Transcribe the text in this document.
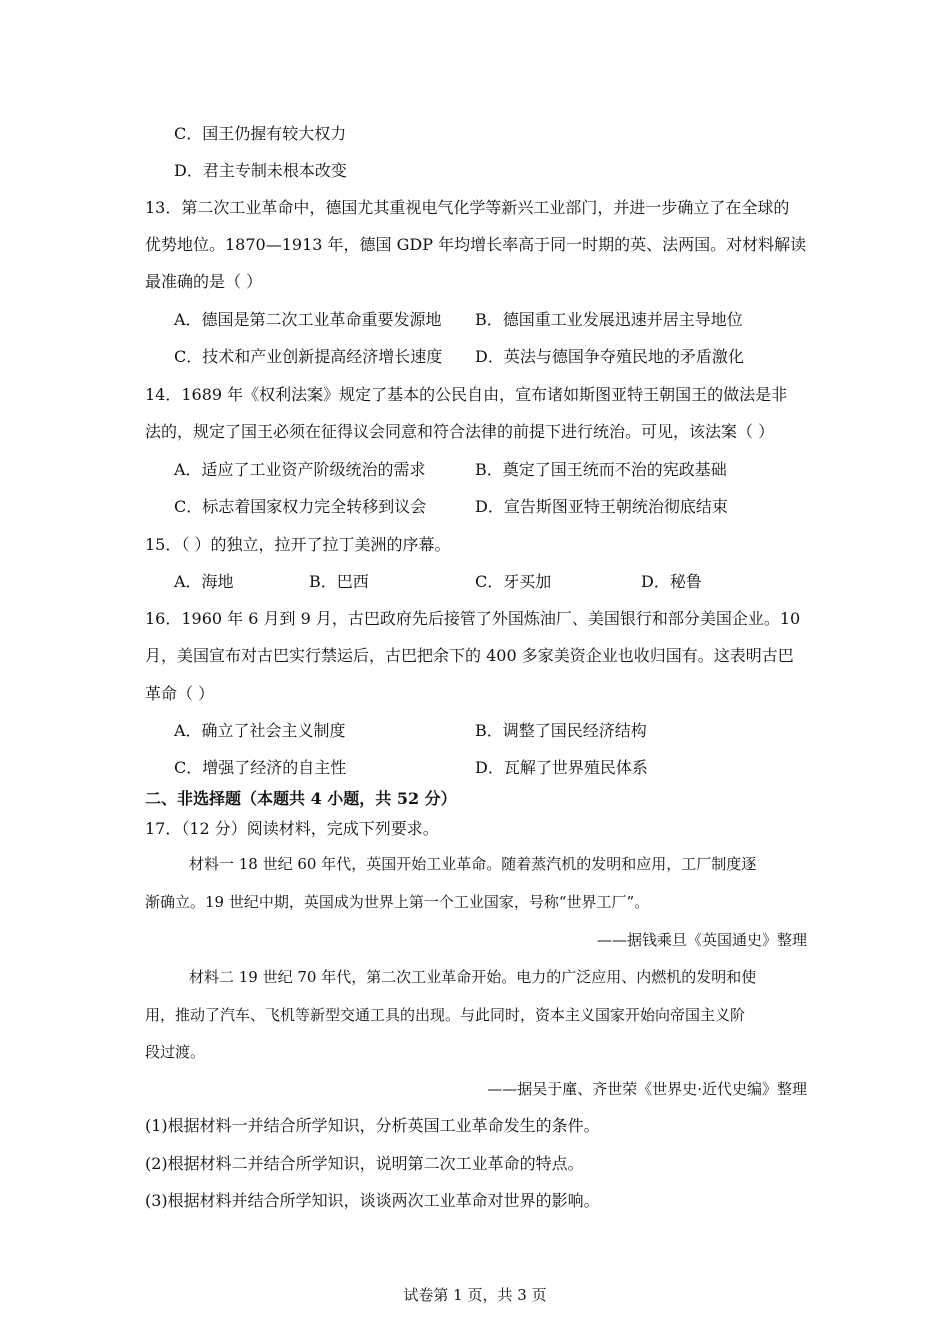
C．国王仍握有较大权力
D．君主专制未根本改变
13．第二次工业革命中，德国尤其重视电气化学等新兴工业部门，并进一步确立了在全球的
优势地位。1870—1913 年，德国 GDP 年均增长率高于同一时期的英、法两国。对材料解读
最准确的是（ ）
A．德国是第二次工业革命重要发源地 B．德国重工业发展迅速并居主导地位
C．技术和产业创新提高经济增长速度 D．英法与德国争夺殖民地的矛盾激化
14．1689 年《权利法案》规定了基本的公民自由，宣布诸如斯图亚特王朝国王的做法是非
法的，规定了国王必须在征得议会同意和符合法律的前提下进行统治。可见，该法案（ ）
A．适应了工业资产阶级统治的需求	B．奠定了国王统而不治的宪政基础
C．标志着国家权力完全转移到议会	D．宣告斯图亚特王朝统治彻底结束
15．（ ）的独立，拉开了拉丁美洲的序幕。
A．海地	B．巴西	C．牙买加	D．秘鲁
16．1960 年 6 月到 9 月，古巴政府先后接管了外国炼油厂、美国银行和部分美国企业。10
月，美国宣布对古巴实行禁运后，古巴把余下的 400 多家美资企业也收归国有。这表明古巴
革命（ ）
A．确立了社会主义制度	B．调整了国民经济结构
C．增强了经济的自主性	D．瓦解了世界殖民体系
二、非选择题（本题共 4 小题，共 52 分）
17．（12 分）阅读材料，完成下列要求。
材料一 18 世纪 60 年代，英国开始工业革命。随着蒸汽机的发明和应用，工厂制度逐
渐确立。19 世纪中期，英国成为世界上第一个工业国家，号称“世界工厂”。
——据钱乘旦《英国通史》整理
材料二 19 世纪 70 年代，第二次工业革命开始。电力的广泛应用、内燃机的发明和使
用，推动了汽车、飞机等新型交通工具的出现。与此同时，资本主义国家开始向帝国主义阶
段过渡。
——据吴于廑、齐世荣《世界史·近代史编》整理
(1)根据材料一并结合所学知识，分析英国工业革命发生的条件。
(2)根据材料二并结合所学知识，说明第二次工业革命的特点。
(3)根据材料并结合所学知识，谈谈两次工业革命对世界的影响。
试卷第 1 页，共 3 页
